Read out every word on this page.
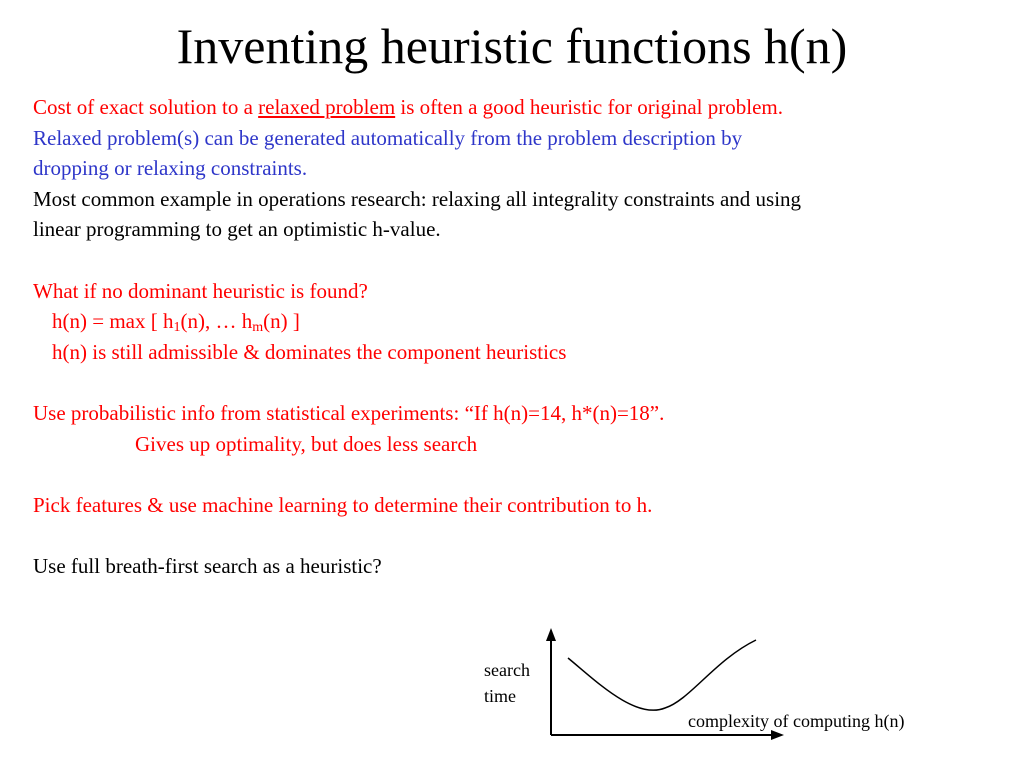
Inventing heuristic functions h(n)
Cost of exact solution to a relaxed problem is often a good heuristic for original problem.
Relaxed problem(s) can be generated automatically from the problem description by
dropping or relaxing constraints.
Most common example in operations research: relaxing all integrality constraints and using
linear programming to get an optimistic h-value.
What if no dominant heuristic is found?
h(n) = max [ $h_1(n)$, … $h_m(n)$ ]
h(n) is still admissible & dominates the component heuristics
Use probabilistic info from statistical experiments: “If h(n)=14, h*(n)=18”.
Gives up optimality, but does less search
Pick features & use machine learning to determine their contribution to h.
Use full breath-first search as a heuristic?
search
time
complexity of computing h(n)
